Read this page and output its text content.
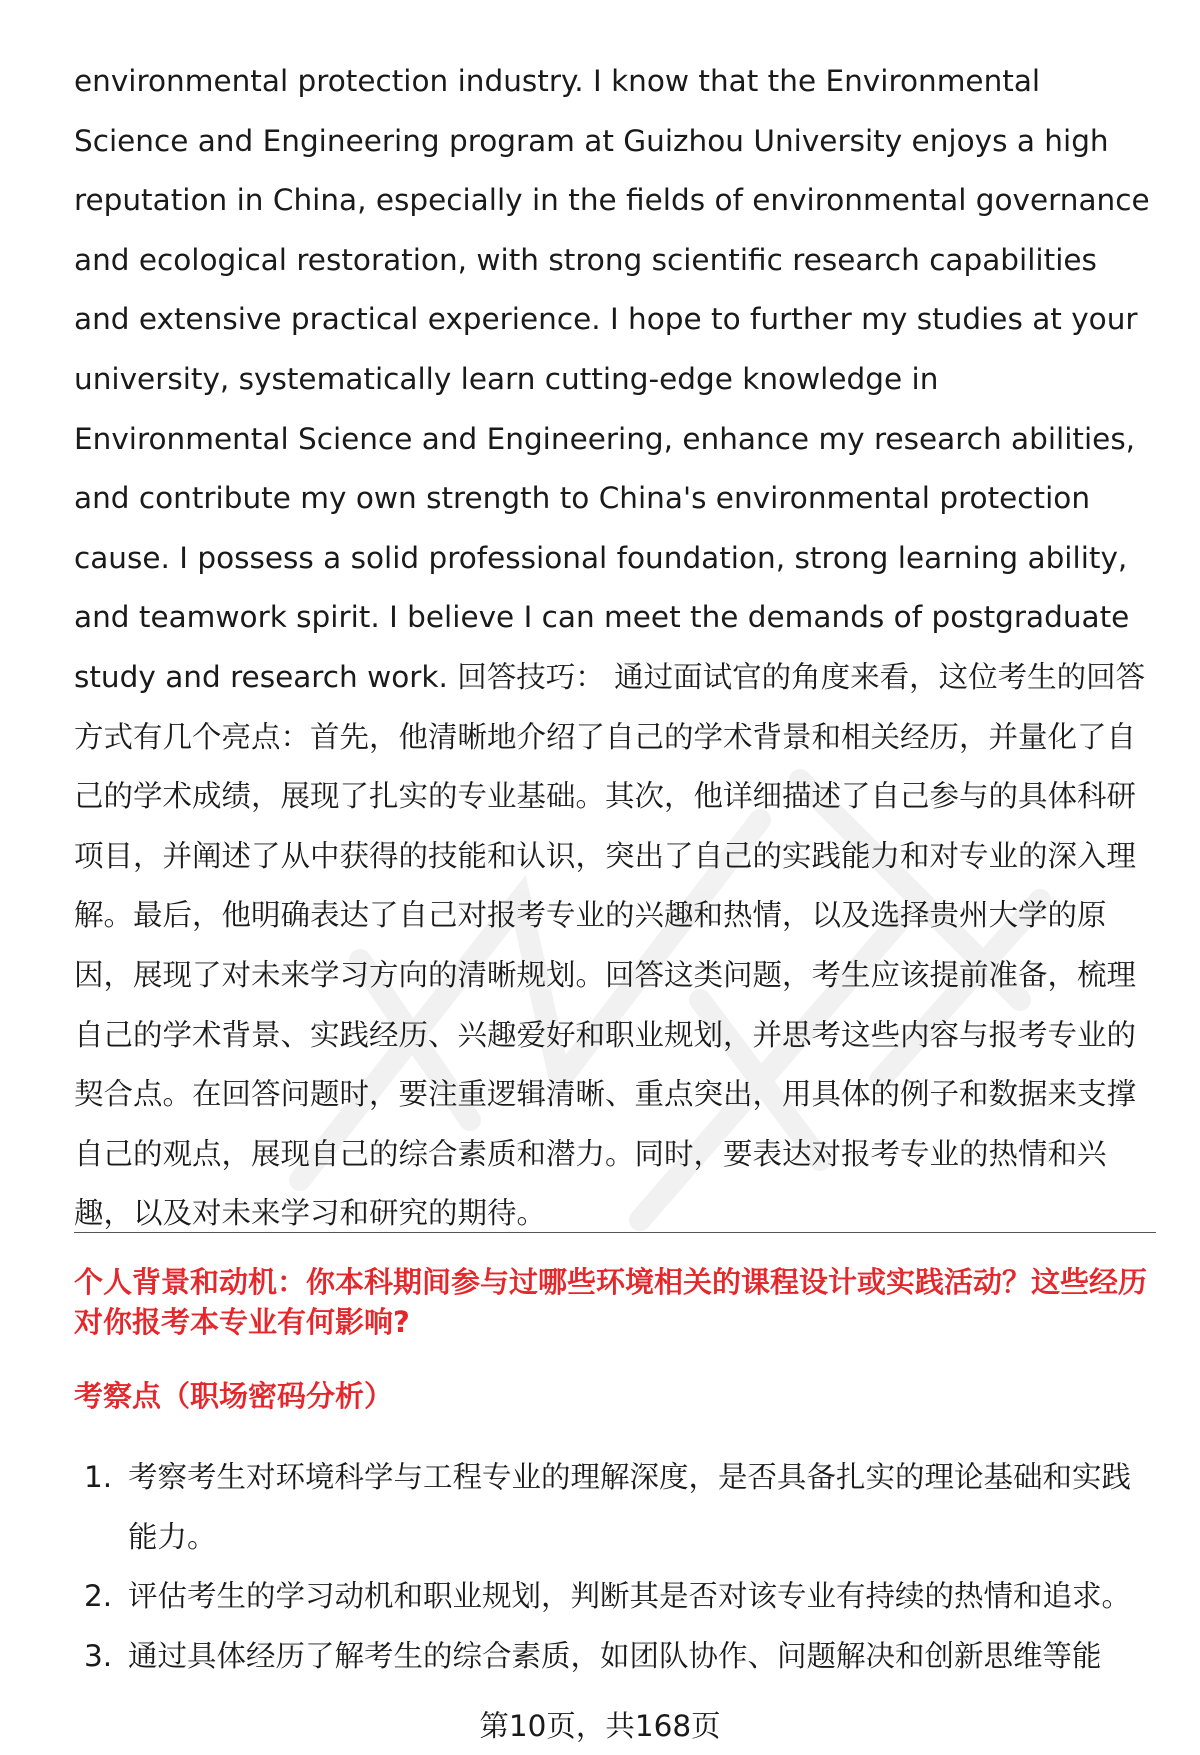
environmental protection industry. I know that the Environmental Science and Engineering program at Guizhou University enjoys a high reputation in China, especially in the fields of environmental governance and ecological restoration, with strong scientific research capabilities and extensive practical experience. I hope to further my studies at your university, systematically learn cutting-edge knowledge in Environmental Science and Engineering, enhance my research abilities, and contribute my own strength to China's environmental protection cause. I possess a solid professional foundation, strong learning ability, and teamwork spirit. I believe I can meet the demands of postgraduate study and research work. 回答技巧： 通过面试官的角度来看，这位考生的回答方式有几个亮点：首先，他清晰地介绍了自己的学术背景和相关经历，并量化了自己的学术成绩，展现了扎实的专业基础。其次，他详细描述了自己参与的具体科研项目，并阐述了从中获得的技能和认识，突出了自己的实践能力和对专业的深入理解。最后，他明确表达了自己对报考专业的兴趣和热情，以及选择贵州大学的原因，展现了对未来学习方向的清晰规划。回答这类问题，考生应该提前准备，梳理自己的学术背景、实践经历、兴趣爱好和职业规划，并思考这些内容与报考专业的契合点。在回答问题时，要注重逻辑清晰、重点突出，用具体的例子和数据来支撑自己的观点，展现自己的综合素质和潜力。同时，要表达对报考专业的热情和兴趣，以及对未来学习和研究的期待。

个人背景和动机：你本科期间参与过哪些环境相关的课程设计或实践活动？这些经历对你报考本专业有何影响?

考察点（职场密码分析）

1. 考察考生对环境科学与工程专业的理解深度，是否具备扎实的理论基础和实践能力。
2. 评估考生的学习动机和职业规划，判断其是否对该专业有持续的热情和追求。
3. 通过具体经历了解考生的综合素质，如团队协作、问题解决和创新思维等能
第10页，共168页
